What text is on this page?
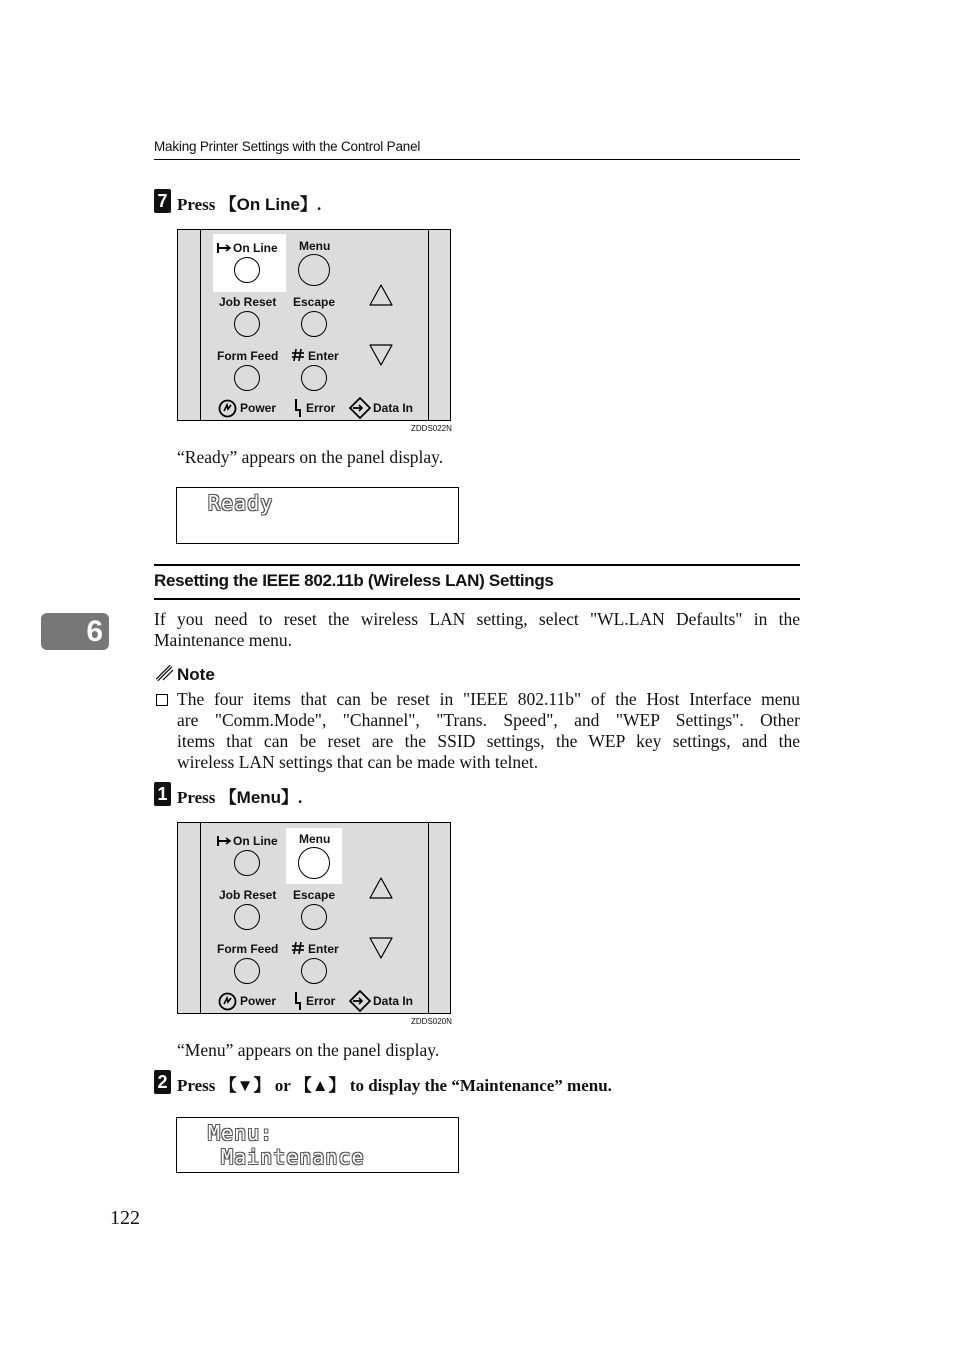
Making Printer Settings with the Control Panel
6
7 Press 【On Line】.
On Line Menu
Job Reset Escape
Form Feed Enter
Power Error	Data In
ZDDS022N
“Ready” appears on the panel display.
Ready
Resetting the IEEE 802.11b (Wireless LAN) Settings
If you need to reset the wireless LAN setting, select "WL.LAN Defaults" in the
Maintenance menu.
Note
The four items that can be reset in "IEEE 802.11b" of the Host Interface menu
are "Comm.Mode", "Channel", "Trans. Speed", and "WEP Settings". Other
items that can be reset are the SSID settings, the WEP key settings, and the
wireless LAN settings that can be made with telnet.
1 Press 【Menu】.
On Line Menu
Job Reset Escape
Form Feed Enter
Power Error	Data In
ZDDS020N
“Menu” appears on the panel display.
2 Press 【▼】 or 【▲】 to display the “Maintenance” menu.
Menu:
Maintenance
122
